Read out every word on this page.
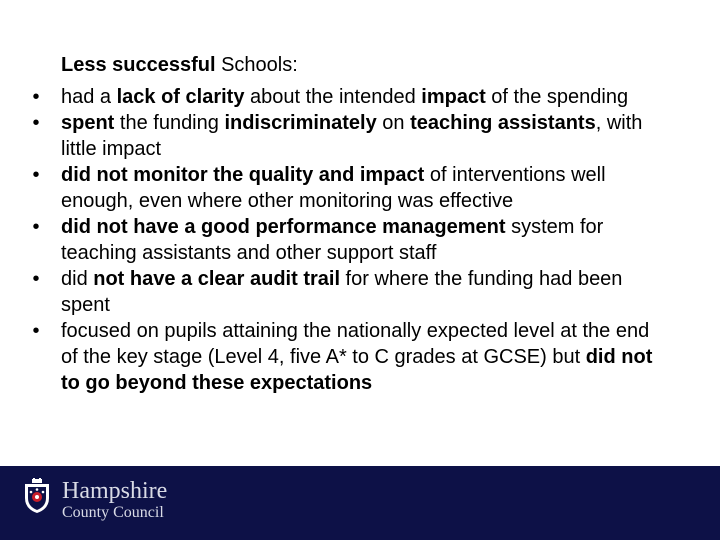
Less successful Schools:
• had a lack of clarity about the intended impact of the spending
• spent the funding indiscriminately on teaching assistants, with little impact
• did not monitor the quality and impact of interventions well enough, even where other monitoring was effective
• did not have a good performance management system for teaching assistants and other support staff
• did not have a clear audit trail for where the funding had been spent
• focused on pupils attaining the nationally expected level at the end of the key stage (Level 4, five A* to C grades at GCSE) but did not to go beyond these expectations
Hampshire
County Council
